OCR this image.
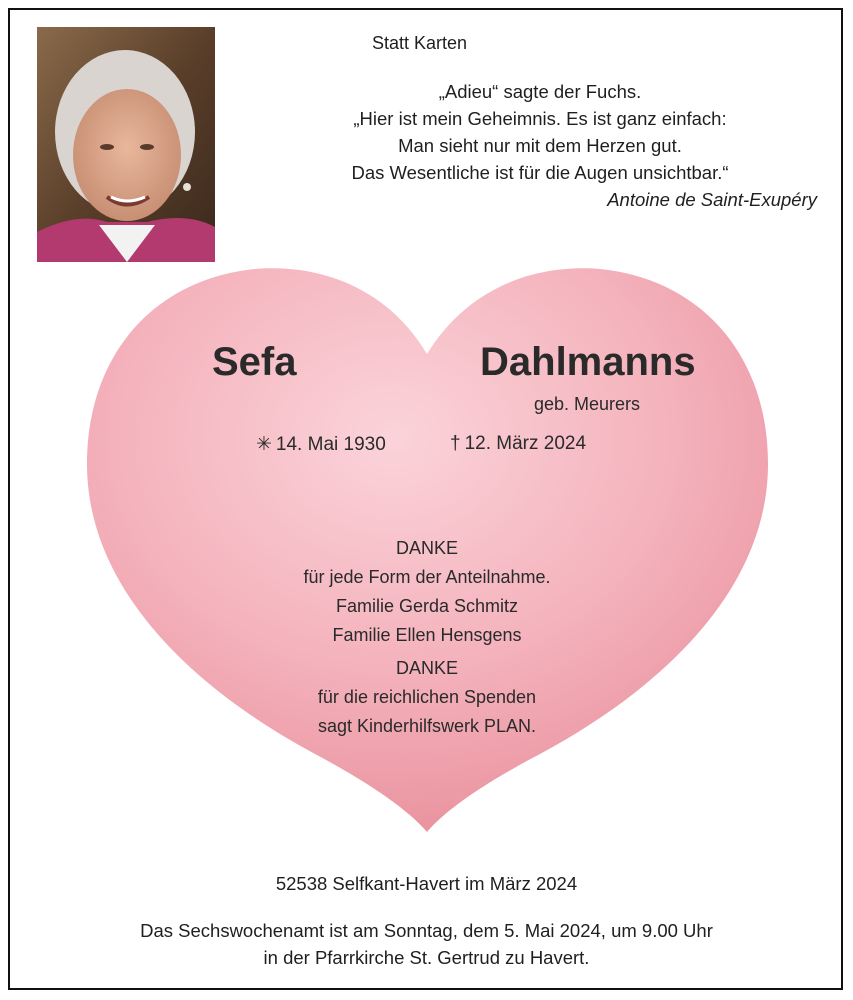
Statt Karten
„Adieu“ sagte der Fuchs.
„Hier ist mein Geheimnis. Es ist ganz einfach:
Man sieht nur mit dem Herzen gut.
Das Wesentliche ist für die Augen unsichtbar.“
Antoine de Saint-Exupéry
Sefa	Dahlmanns
geb. Meurers
✳ 14. Mai 1930	† 12. März 2024
DANKE
für jede Form der Anteilnahme.
Familie Gerda Schmitz
Familie Ellen Hensgens
DANKE
für die reichlichen Spenden
sagt Kinderhilfswerk PLAN.
52538 Selfkant-Havert im März 2024
Das Sechswochenamt ist am Sonntag, dem 5. Mai 2024, um 9.00 Uhr
in der Pfarrkirche St. Gertrud zu Havert.
